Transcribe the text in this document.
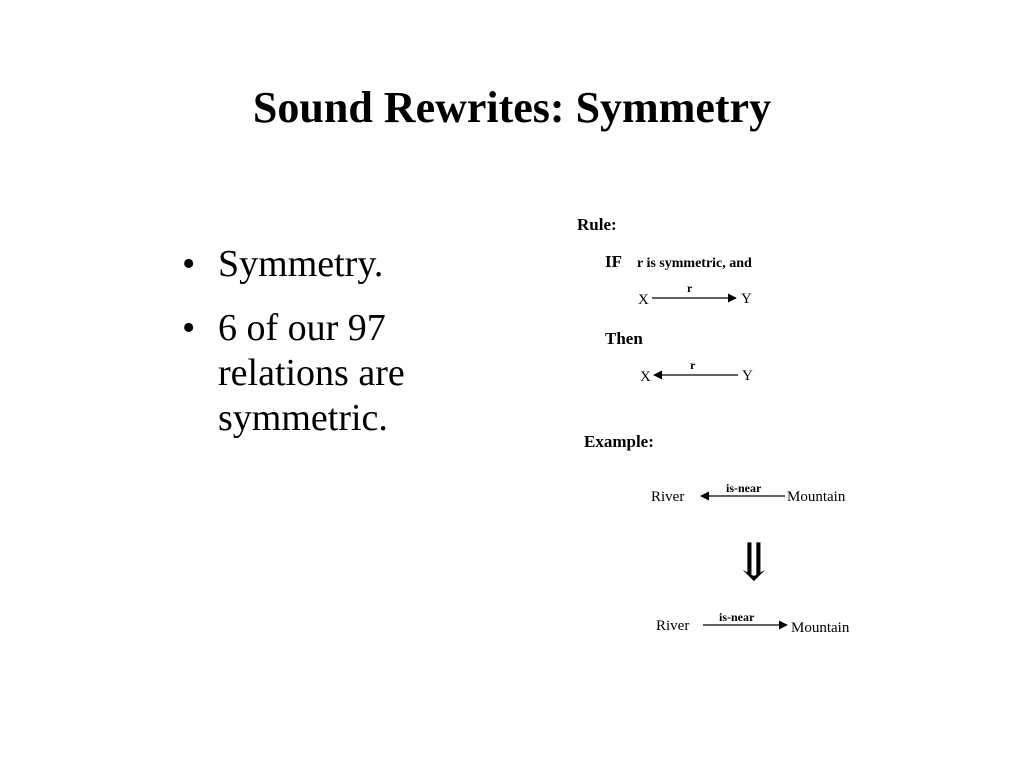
Sound Rewrites: Symmetry
• Symmetry.
• 6 of our 97 relations are symmetric.
Rule:
IF r is symmetric, and
X
r
Y
Then
X
r
Y
Example:
River
is-near
Mountain
⇓
River
is-near
Mountain
